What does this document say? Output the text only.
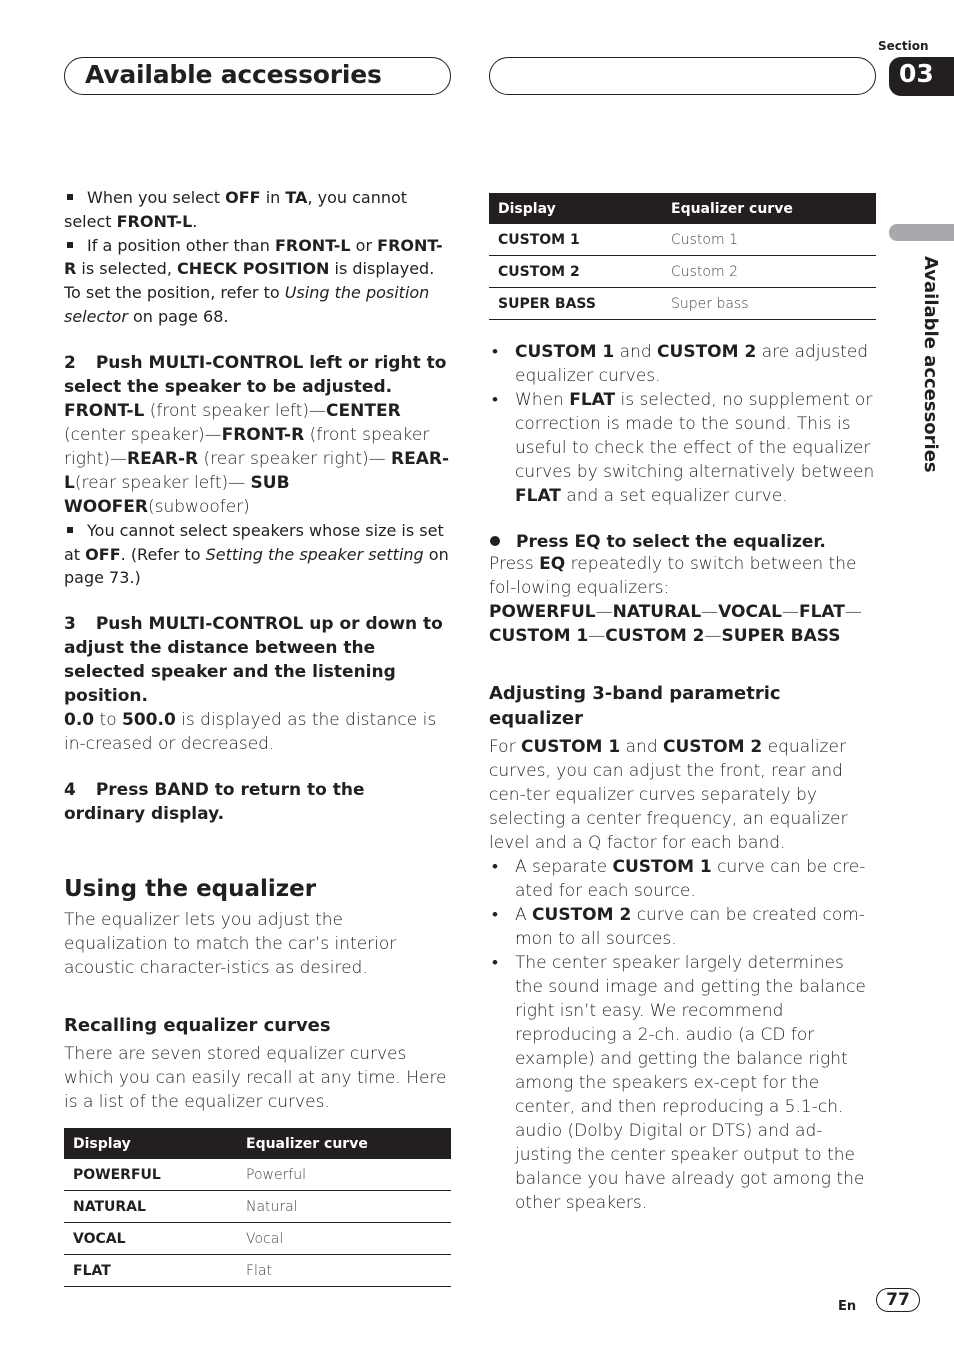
Available accessories
Section
03
Available accessories

When you select OFF in TA, you cannot select FRONT-L.

If a position other than FRONT-L or FRONT-R is selected, CHECK POSITION is displayed. To set the position, refer to Using the position selector on page 68.

2 Push MULTI-CONTROL left or right to select the speaker to be adjusted.

FRONT-L (front speaker left)—CENTER (center speaker)—FRONT-R (front speaker right)—REAR-R (rear speaker right)— REAR-L(rear speaker left)— SUB WOOFER(subwoofer)

You cannot select speakers whose size is set at OFF. (Refer to Setting the speaker setting on page 73.)

3 Push MULTI-CONTROL up or down to adjust the distance between the selected speaker and the listening position.

0.0 to 500.0 is displayed as the distance is in-creased or decreased.

4 Press BAND to return to the ordinary display.

Using the equalizer

The equalizer lets you adjust the equalization to match the car’s interior acoustic character-istics as desired.

Recalling equalizer curves

There are seven stored equalizer curves which you can easily recall at any time. Here is a list of the equalizer curves.

Display	Equalizer curve
POWERFUL	Powerful
NATURAL	Natural
VOCAL	Vocal
FLAT	Flat
Display	Equalizer curve
CUSTOM 1	Custom 1
CUSTOM 2	Custom 2
SUPER BASS	Super bass
• CUSTOM 1 and CUSTOM 2 are adjusted equalizer curves.
• When FLAT is selected, no supplement or correction is made to the sound. This is useful to check the effect of the equalizer curves by switching alternatively between FLAT and a set equalizer curve.

Press EQ to select the equalizer.

Press EQ repeatedly to switch between the fol-lowing equalizers:

POWERFUL—NATURAL—VOCAL—FLAT—CUSTOM 1—CUSTOM 2—SUPER BASS

Adjusting 3-band parametric equalizer

For CUSTOM 1 and CUSTOM 2 equalizer curves, you can adjust the front, rear and cen-ter equalizer curves separately by selecting a center frequency, an equalizer level and a Q factor for each band.

• A separate CUSTOM 1 curve can be cre-ated for each source.
• A CUSTOM 2 curve can be created com-mon to all sources.
• The center speaker largely determines the sound image and getting the balance right isn’t easy. We recommend reproducing a 2-ch. audio (a CD for example) and getting the balance right among the speakers ex-cept for the center, and then reproducing a 5.1-ch. audio (Dolby Digital or DTS) and ad-justing the center speaker output to the balance you have already got among the other speakers.
En	77
